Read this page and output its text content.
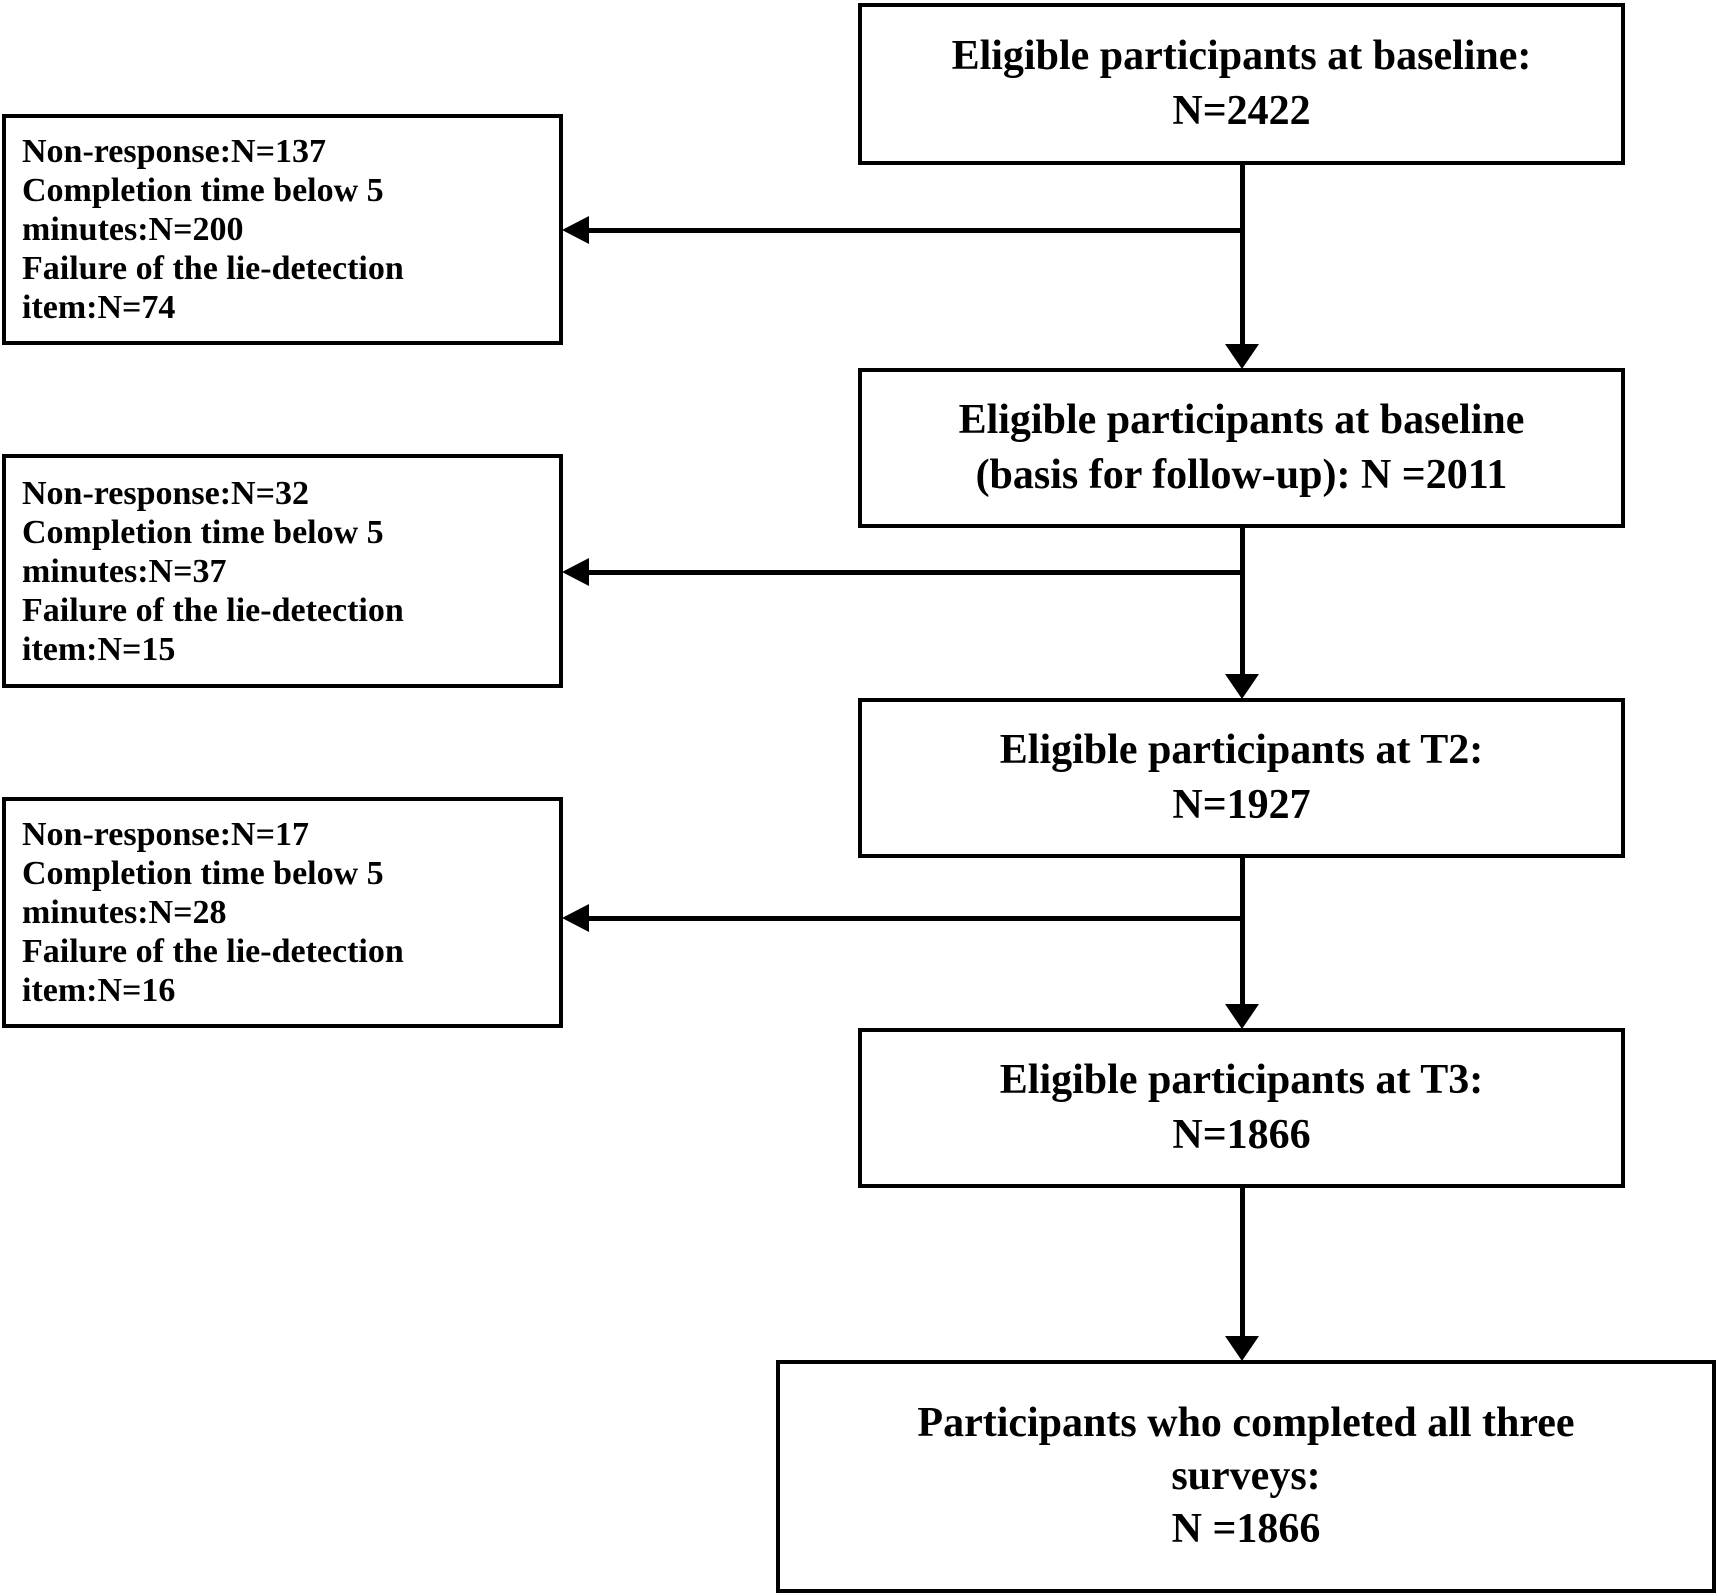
Eligible participants at baseline:
N=2422
Eligible participants at baseline
(basis for follow-up): N =2011
Eligible participants at T2:
N=1927
Eligible participants at T3:
N=1866
Participants who completed all three
surveys:
N =1866
Non-response:N=137
Completion time below 5
minutes:N=200
Failure of the lie-detection
item:N=74
Non-response:N=32
Completion time below 5
minutes:N=37
Failure of the lie-detection
item:N=15
Non-response:N=17
Completion time below 5
minutes:N=28
Failure of the lie-detection
item:N=16
